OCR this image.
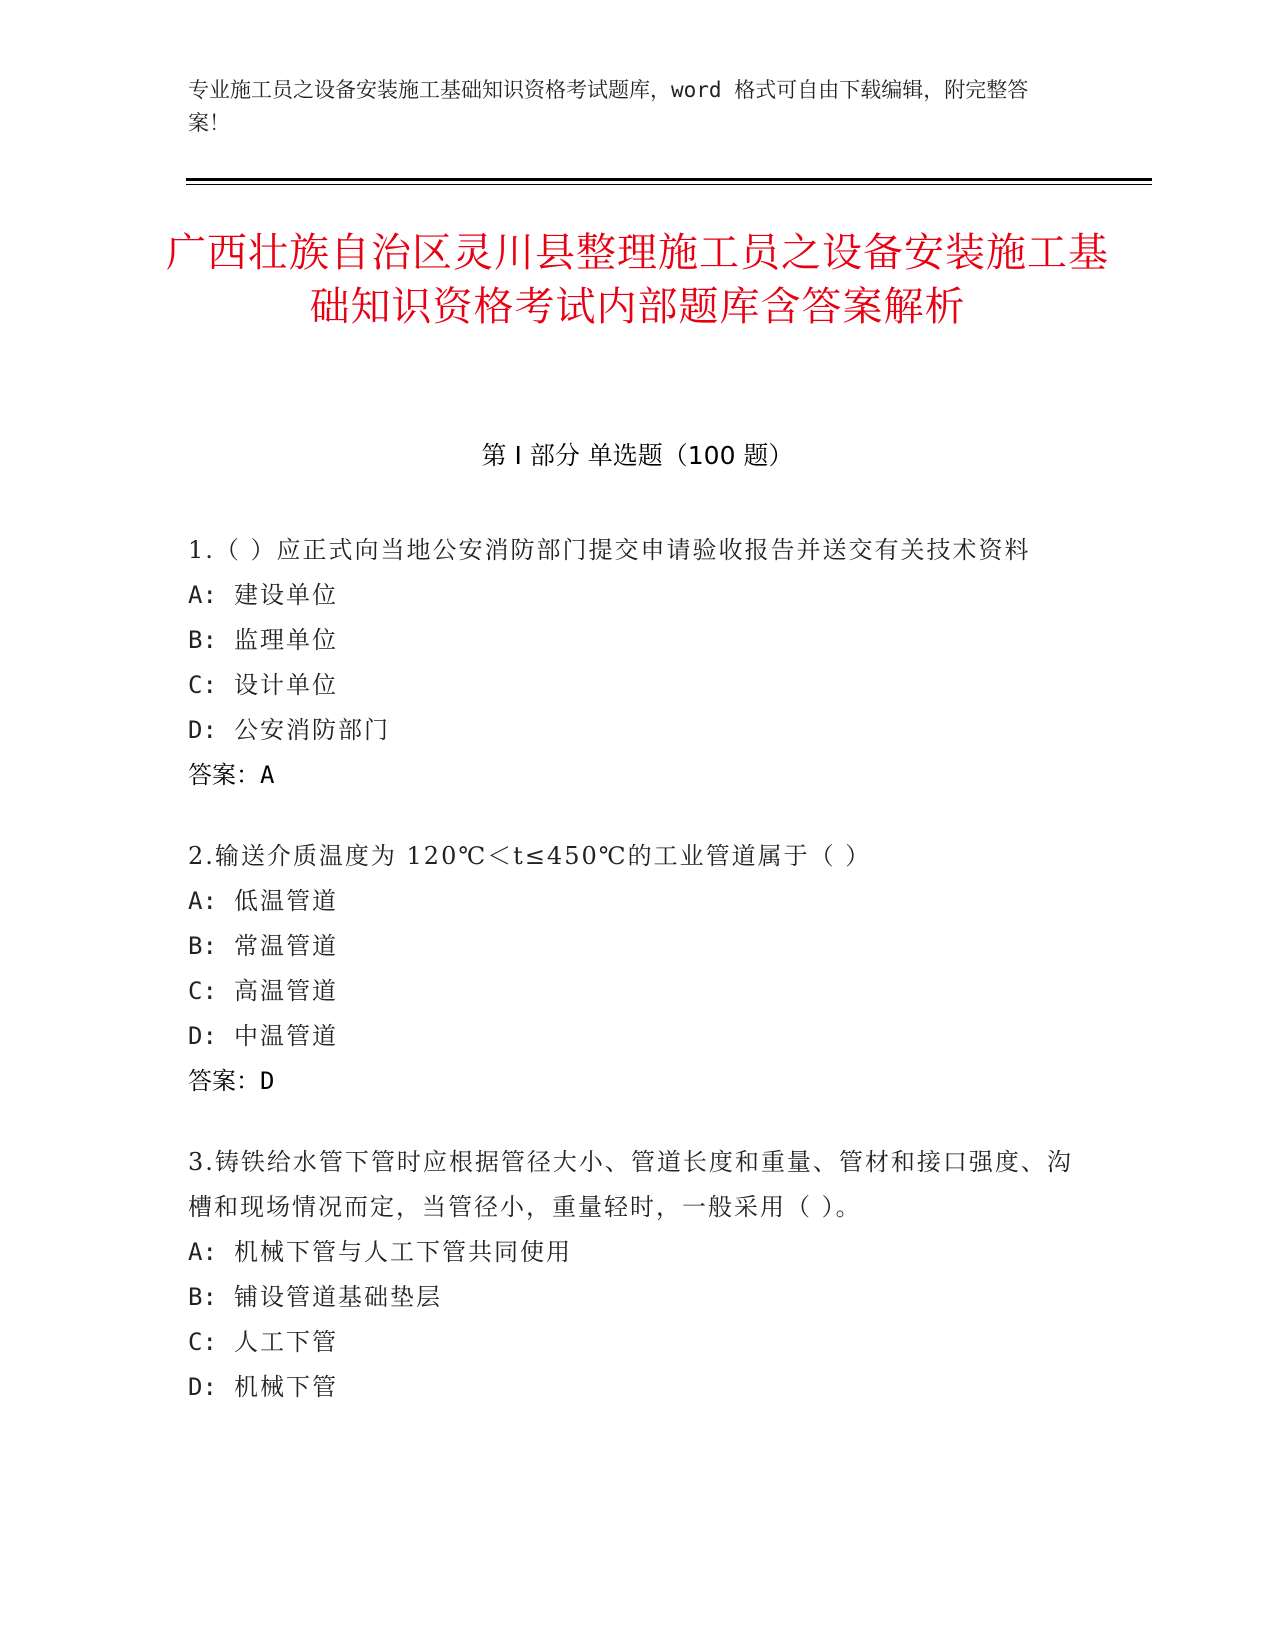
专业施工员之设备安装施工基础知识资格考试题库，word 格式可自由下载编辑，附完整答案！
广西壮族自治区灵川县整理施工员之设备安装施工基础知识资格考试内部题库含答案解析
第 I 部分 单选题（100 题）
1.（ ）应正式向当地公安消防部门提交申请验收报告并送交有关技术资料
A: 建设单位
B: 监理单位
C: 设计单位
D: 公安消防部门
答案：A
2.输送介质温度为 120℃＜t≤450℃的工业管道属于（ ）
A: 低温管道
B: 常温管道
C: 高温管道
D: 中温管道
答案：D
3.铸铁给水管下管时应根据管径大小、管道长度和重量、管材和接口强度、沟槽和现场情况而定，当管径小，重量轻时，一般采用（ ）。
A: 机械下管与人工下管共同使用
B: 铺设管道基础垫层
C: 人工下管
D: 机械下管
